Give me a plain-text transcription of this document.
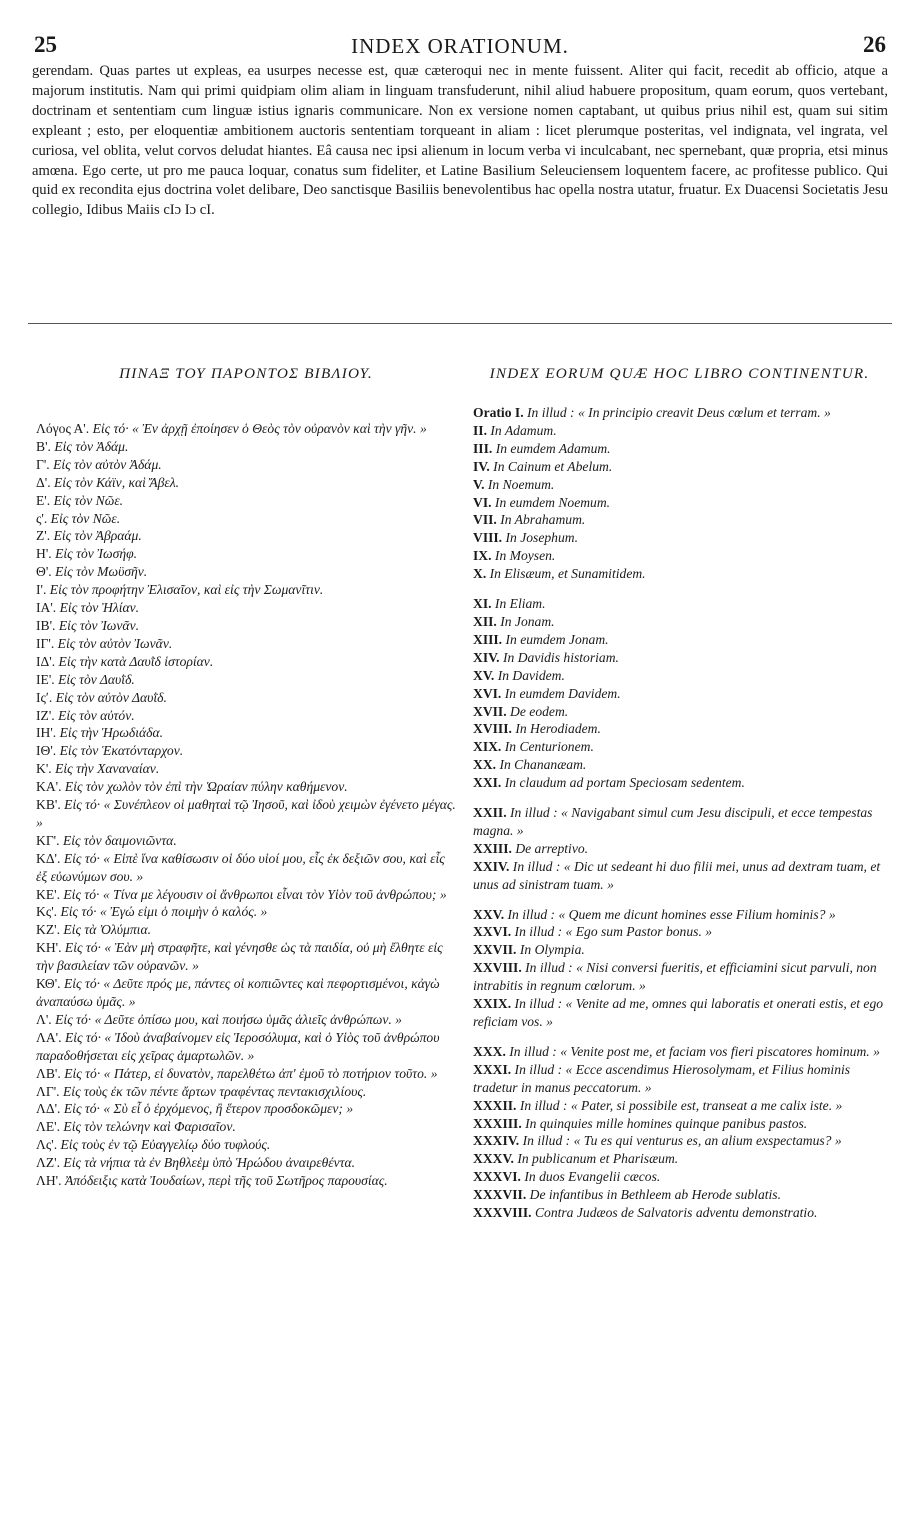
25	INDEX ORATIONUM.	26

gerendam. Quas partes ut expleas, ea usurpes necesse est, quæ cæteroqui nec in mente fuissent. Aliter qui facit, recedit ab officio, atque a majorum institutis. Nam qui primi quidpiam olim aliam in linguam transfuderunt, nihil aliud habuere propositum, quam eorum, quos vertebant, doctrinam et sententiam cum linguæ istius ignaris communicare. Non ex versione nomen captabant, ut quibus prius nihil est, quam sui sitim expleant ; esto, per eloquentiæ ambitionem auctoris sententiam torqueant in aliam : licet plerumque posteritas, vel indignata, vel ingrata, vel curiosa, vel oblita, velut corvos deludat hiantes. Eâ causa nec ipsi alienum in locum verba vi inculcabant, nec spernebant, quæ propria, etsi minus amœna. Ego certe, ut pro me pauca loquar, conatus sum fideliter, et Latine Basilium Seleuciensem loquentem facere, ac profitesse publico. Qui quid ex recondita ejus doctrina volet delibare, Deo sanctisque Basiliis benevolentibus hac opella nostra utatur, fruatur. Ex Duacensi Societatis Jesu collegio, Idibus Maiis cIɔ Iɔ cI.

ΠΙΝΑΞ ΤΟΥ ΠΑΡΟΝΤΟΣ ΒΙΒΛΙΟΥ.
Λόγος Α'. Εἰς τό· « Ἐν ἀρχῇ ἐποίησεν ὁ Θεὸς τὸν οὐρανὸν καὶ τὴν γῆν. »
Β'. Εἰς τὸν Ἀδάμ.
Γ'. Εἰς τὸν αὐτὸν Ἀδάμ.
Δ'. Εἰς τὸν Κάϊν, καὶ Ἄβελ.
Ε'. Εἰς τὸν Νῶε.
ς'. Εἰς τὸν Νῶε.
Ζ'. Εἰς τὸν Ἀβραάμ.
Η'. Εἰς τὸν Ἰωσήφ.
Θ'. Εἰς τὸν Μωϋσῆν.
Ι'. Εἰς τὸν προφήτην Ἐλισαῖον, καὶ εἰς τὴν Σωμανῖτιν.
ΙΑ'. Εἰς τὸν Ἠλίαν.
ΙΒ'. Εἰς τὸν Ἰωνᾶν.
ΙΓ'. Εἰς τὸν αὐτὸν Ἰωνᾶν.
ΙΔ'. Εἰς τὴν κατὰ Δαυῒδ ἱστορίαν.
ΙΕ'. Εἰς τὸν Δαυῒδ.
Ιςʹ. Εἰς τὸν αὐτὸν Δαυῒδ.
ΙΖ'. Εἰς τὸν αὐτόν.
ΙΗ'. Εἰς τὴν Ἡρωδιάδα.
ΙΘ'. Εἰς τὸν Ἑκατόνταρχον.
Κ'. Εἰς τὴν Χαναναίαν.
ΚΑ'. Εἰς τὸν χωλὸν τὸν ἐπὶ τὴν Ὡραίαν πύλην καθήμενον.
ΚΒ'. Εἰς τό· « Συνέπλεον οἱ μαθηταὶ τῷ Ἰησοῦ, καὶ ἰδοὺ χειμὼν ἐγένετο μέγας. »
ΚΓ'. Εἰς τὸν δαιμονιῶντα.
ΚΔ'. Εἰς τό· « Εἰπὲ ἵνα καθίσωσιν οἱ δύο υἱοί μου, εἷς ἐκ δεξιῶν σου, καὶ εἷς ἐξ εὐωνύμων σου. »
ΚΕ'. Εἰς τό· « Τίνα με λέγουσιν οἱ ἄνθρωποι εἶναι τὸν Υἱὸν τοῦ ἀνθρώπου; »
Κς'. Εἰς τό· « Ἐγώ εἰμι ὁ ποιμὴν ὁ καλός. »
ΚΖ'. Εἰς τὰ Ὀλύμπια.
ΚΗ'. Εἰς τό· « Ἐὰν μὴ στραφῆτε, καὶ γένησθε ὡς τὰ παιδία, οὐ μὴ ἔλθητε εἰς τὴν βασιλείαν τῶν οὐρανῶν. »
ΚΘ'. Εἰς τό· « Δεῦτε πρός με, πάντες οἱ κοπιῶντες καὶ πεφορτισμένοι, κἀγὼ ἀναπαύσω ὑμᾶς. »
Λ'. Εἰς τό· « Δεῦτε ὀπίσω μου, καὶ ποιήσω ὑμᾶς ἁλιεῖς ἀνθρώπων. »
ΛΑ'. Εἰς τό· « Ἰδοὺ ἀναβαίνομεν εἰς Ἱεροσόλυμα, καὶ ὁ Υἱὸς τοῦ ἀνθρώπου παραδοθήσεται εἰς χεῖρας ἁμαρτωλῶν. »
ΛΒ'. Εἰς τό· « Πάτερ, εἰ δυνατὸν, παρελθέτω ἀπ' ἐμοῦ τὸ ποτήριον τοῦτο. »
ΛΓ'. Εἰς τοὺς ἐκ τῶν πέντε ἄρτων τραφέντας πεντακισχιλίους.
ΛΔ'. Εἰς τό· « Σὺ εἶ ὁ ἐρχόμενος, ἢ ἕτερον προσδοκῶμεν; »
ΛΕ'. Εἰς τὸν τελώνην καὶ Φαρισαῖον.
Λς'. Εἰς τοὺς ἐν τῷ Εὐαγγελίῳ δύο τυφλούς.
ΛΖ'. Εἰς τὰ νήπια τὰ ἐν Βηθλεὲμ ὑπὸ Ἡρώδου ἀναιρεθέντα.
ΛΗ'. Ἀπόδειξις κατὰ Ἰουδαίων, περὶ τῆς τοῦ Σωτῆρος παρουσίας.
INDEX EORUM QUÆ HOC LIBRO CONTINENTUR.
Oratio I. In illud : « In principio creavit Deus cœlum et terram. »
II. In Adamum.
III. In eumdem Adamum.
IV. In Cainum et Abelum.
V. In Noemum.
VI. In eumdem Noemum.
VII. In Abrahamum.
VIII. In Josephum.
IX. In Moysen.
X. In Elisæum, et Sunamitidem.
XI. In Eliam.
XII. In Jonam.
XIII. In eumdem Jonam.
XIV. In Davidis historiam.
XV. In Davidem.
XVI. In eumdem Davidem.
XVII. De eodem.
XVIII. In Herodiadem.
XIX. In Centurionem.
XX. In Chananæam.
XXI. In claudum ad portam Speciosam sedentem.
XXII. In illud : « Navigabant simul cum Jesu discipuli, et ecce tempestas magna. »
XXIII. De arreptivo.
XXIV. In illud : « Dic ut sedeant hi duo filii mei, unus ad dextram tuam, et unus ad sinistram tuam. »
XXV. In illud : « Quem me dicunt homines esse Filium hominis? »
XXVI. In illud : « Ego sum Pastor bonus. »
XXVII. In Olympia.
XXVIII. In illud : « Nisi conversi fueritis, et efficiamini sicut parvuli, non intrabitis in regnum cœlorum. »
XXIX. In illud : « Venite ad me, omnes qui laboratis et onerati estis, et ego reficiam vos. »
XXX. In illud : « Venite post me, et faciam vos fieri piscatores hominum. »
XXXI. In illud : « Ecce ascendimus Hierosolymam, et Filius hominis tradetur in manus peccatorum. »
XXXII. In illud : « Pater, si possibile est, transeat a me calix iste. »
XXXIII. In quinquies mille homines quinque panibus pastos.
XXXIV. In illud : « Tu es qui venturus es, an alium exspectamus? »
XXXV. In publicanum et Pharisæum.
XXXVI. In duos Evangelii cæcos.
XXXVII. De infantibus in Bethleem ab Herode sublatis.
XXXVIII. Contra Judæos de Salvatoris adventu demonstratio.
